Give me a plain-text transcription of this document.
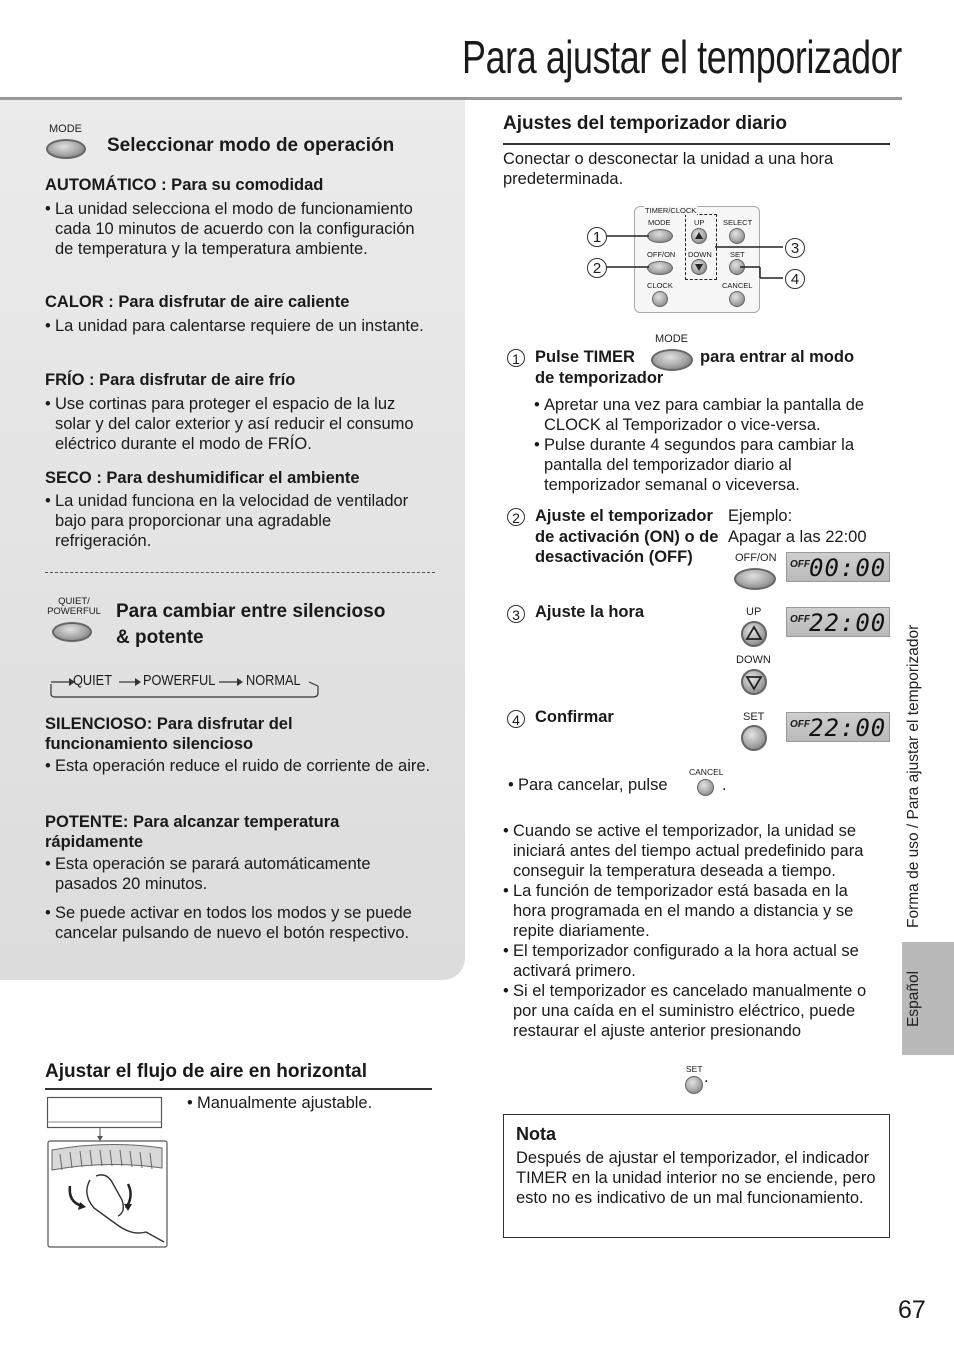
Para ajustar el temporizador
MODE
Seleccionar modo de operación
AUTOMÁTICO : Para su comodidad
• La unidad selecciona el modo de funcionamiento cada 10 minutos de acuerdo con la configuración de temperatura y la temperatura ambiente.
CALOR : Para disfrutar de aire caliente
• La unidad para calentarse requiere de un instante.
FRÍO : Para disfrutar de aire frío
• Use cortinas para proteger el espacio de la luz solar y del calor exterior y así reducir el consumo eléctrico durante el modo de FRÍO.
SECO : Para deshumidificar el ambiente
• La unidad funciona en la velocidad de ventilador bajo para proporcionar una agradable refrigeración.
QUIET/
POWERFUL Para cambiar entre silencioso
& potente
QUIET POWERFUL NORMAL
SILENCIOSO: Para disfrutar del funcionamiento silencioso
• Esta operación reduce el ruido de corriente de aire.
POTENTE: Para alcanzar temperatura rápidamente
• Esta operación se parará automáticamente pasados 20 minutos.
• Se puede activar en todos los modos y se puede cancelar pulsando de nuevo el botón respectivo.
Ajustar el flujo de aire en horizontal
• Manualmente ajustable.
Ajustes del temporizador diario
Conectar o desconectar la unidad a una hora predeterminada.
TIMER/CLOCK
MODE	UP SELECT
OFF/ON DOWN SET
CLOCK	CANCEL
1
2
3
4
1
MODE
Pulse TIMER	para entrar al modo
de temporizador
• Apretar una vez para cambiar la pantalla de CLOCK al Temporizador o vice-versa.
• Pulse durante 4 segundos para cambiar la pantalla del temporizador diario al temporizador semanal o viceversa.
2 Ajuste el temporizador de activación (ON) o de desactivación (OFF)
Ejemplo:
Apagar a las 22:00
OFF/ON
OFF 00:00
3 Ajuste la hora	UP
DOWN
OFF 22:00
4 Confirmar	SET
OFF 22:00
• Para cancelar, pulse
CANCEL
.
• Cuando se active el temporizador, la unidad se iniciará antes del tiempo actual predefinido para conseguir la temperatura deseada a tiempo.
• La función de temporizador está basada en la hora programada en el mando a distancia y se repite diariamente.
• El temporizador configurado a la hora actual se activará primero.
• Si el temporizador es cancelado manualmente o por una caída en el suministro eléctrico, puede restaurar el ajuste anterior presionando
SET .
Nota
Después de ajustar el temporizador, el indicador TIMER en la unidad interior no se enciende, pero esto no es indicativo de un mal funcionamiento.
Forma de uso / Para ajustar el temporizador
Español
67
